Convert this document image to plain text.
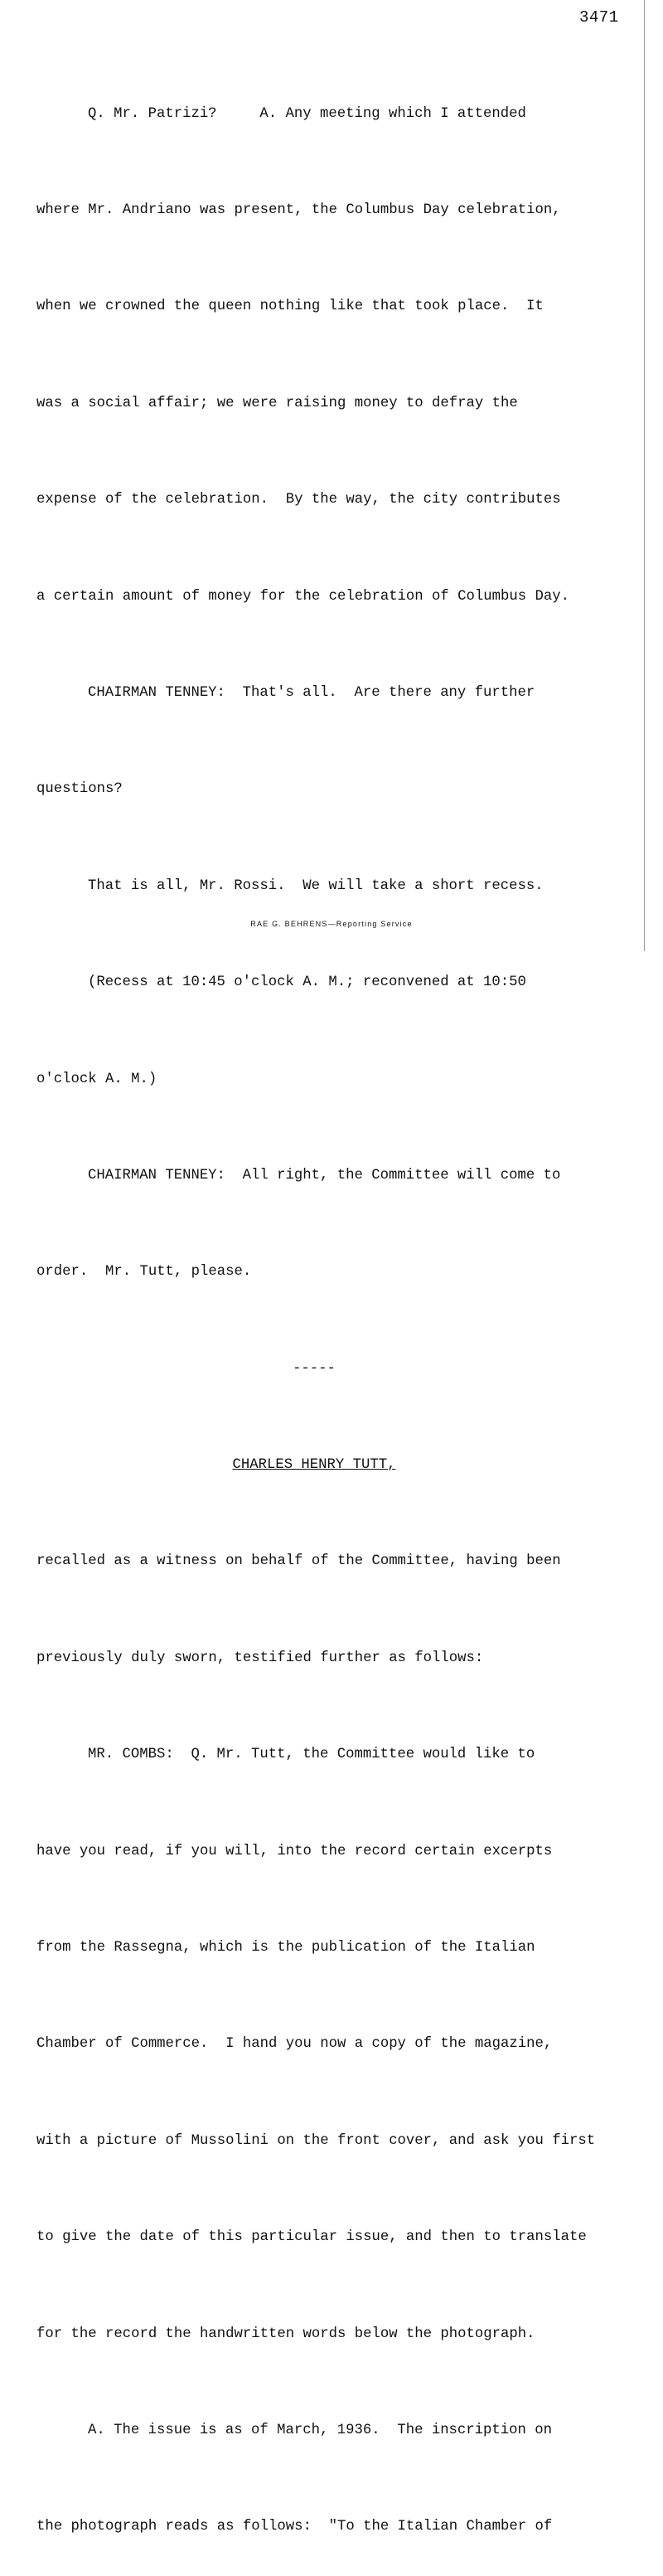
3471

Q. Mr. Patrizi?     A. Any meeting which I attended

where Mr. Andriano was present, the Columbus Day celebration,

when we crowned the queen nothing like that took place.  It

was a social affair; we were raising money to defray the

expense of the celebration.  By the way, the city contributes

a certain amount of money for the celebration of Columbus Day.

CHAIRMAN TENNEY:  That's all.  Are there any further

questions?

That is all, Mr. Rossi.  We will take a short recess.

(Recess at 10:45 o'clock A. M.; reconvened at 10:50

o'clock A. M.)

CHAIRMAN TENNEY:  All right, the Committee will come to

order.  Mr. Tutt, please.

-----

CHARLES HENRY TUTT,

recalled as a witness on behalf of the Committee, having been

previously duly sworn, testified further as follows:

MR. COMBS:  Q. Mr. Tutt, the Committee would like to

have you read, if you will, into the record certain excerpts

from the Rassegna, which is the publication of the Italian

Chamber of Commerce.  I hand you now a copy of the magazine,

with a picture of Mussolini on the front cover, and ask you first

to give the date of this particular issue, and then to translate

for the record the handwritten words below the photograph.

A. The issue is as of March, 1936.  The inscription on

the photograph reads as follows:  "To the Italian Chamber of

RAE G. BEHRENS—Reporting Service
